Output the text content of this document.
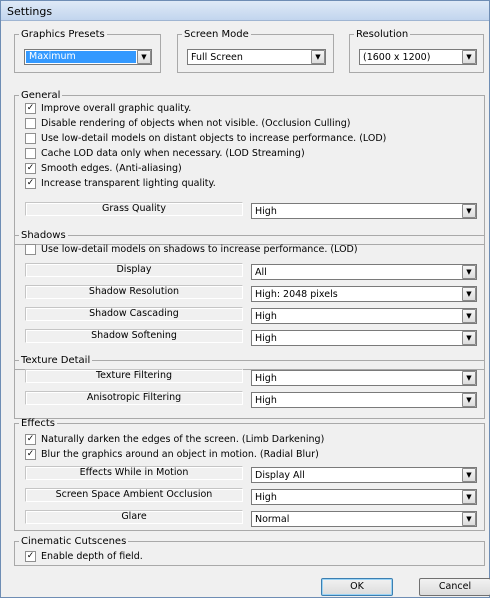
Settings
Graphics Presets
Maximum	▼
Screen Mode
Full Screen	▼
Resolution
(1600 x 1200)	▼
General
✓ Improve overall graphic quality.
Disable rendering of objects when not visible. (Occlusion Culling)
Use low-detail models on distant objects to increase performance. (LOD)
Cache LOD data only when necessary. (LOD Streaming)
✓ Smooth edges. (Anti-aliasing)
✓ Increase transparent lighting quality.
Grass Quality	High	▼
Shadows
Use low-detail models on shadows to increase performance. (LOD)
Display	All	▼
Shadow Resolution	High: 2048 pixels	▼
Shadow Cascading	High	▼
Shadow Softening	High	▼
Texture Detail
Texture Filtering	High	▼
Anisotropic Filtering	High	▼
Effects
✓ Naturally darken the edges of the screen. (Limb Darkening)
✓ Blur the graphics around an object in motion. (Radial Blur)
Effects While in Motion	Display All	▼
Screen Space Ambient Occlusion	High	▼
Glare	Normal	▼
Cinematic Cutscenes
✓ Enable depth of field.
OK	Cancel
